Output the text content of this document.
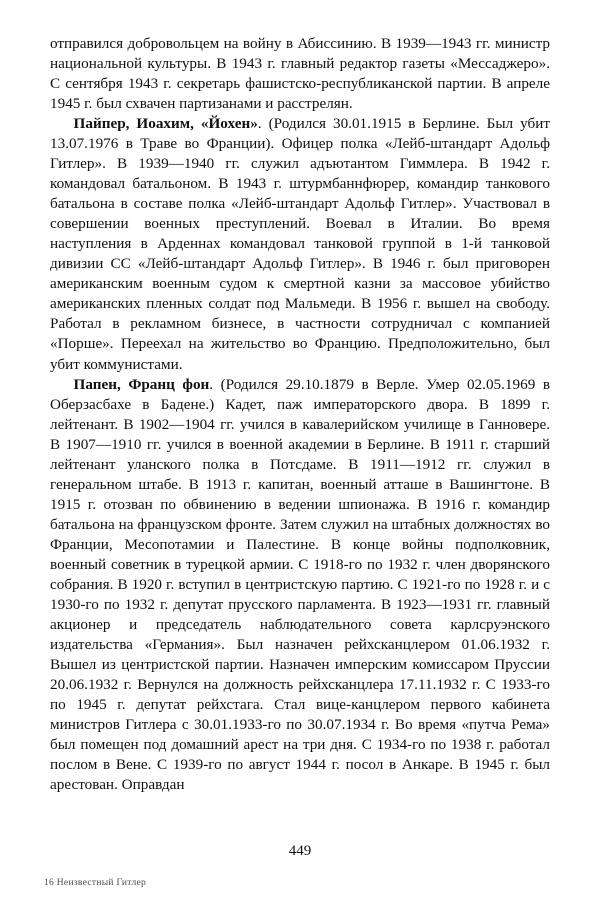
отправился добровольцем на войну в Абиссинию. В 1939—1943 гг. министр национальной культуры. В 1943 г. главный редактор газеты «Мессаджеро». С сентября 1943 г. секретарь фашистско-республиканской партии. В апреле 1945 г. был схвачен партизанами и расстрелян.

Пайпер, Иоахим, «Йохен». (Родился 30.01.1915 в Берлине. Был убит 13.07.1976 в Траве во Франции). Офицер полка «Лейб-штандарт Адольф Гитлер». В 1939—1940 гг. служил адъютантом Гиммлера. В 1942 г. командовал батальоном. В 1943 г. штурмбаннфюрер, командир танкового батальона в составе полка «Лейб-штандарт Адольф Гитлер». Участвовал в совершении военных преступлений. Воевал в Италии. Во время наступления в Арденнах командовал танковой группой в 1-й танковой дивизии СС «Лейб-штандарт Адольф Гитлер». В 1946 г. был приговорен американским военным судом к смертной казни за массовое убийство американских пленных солдат под Мальмеди. В 1956 г. вышел на свободу. Работал в рекламном бизнесе, в частности сотрудничал с компанией «Порше». Переехал на жительство во Францию. Предположительно, был убит коммунистами.

Папен, Франц фон. (Родился 29.10.1879 в Верле. Умер 02.05.1969 в Оберзасбахе в Бадене.) Кадет, паж императорского двора. В 1899 г. лейтенант. В 1902—1904 гг. учился в кавалерийском училище в Ганновере. В 1907—1910 гг. учился в военной академии в Берлине. В 1911 г. старший лейтенант уланского полка в Потсдаме. В 1911—1912 гг. служил в генеральном штабе. В 1913 г. капитан, военный атташе в Вашингтоне. В 1915 г. отозван по обвинению в ведении шпионажа. В 1916 г. командир батальона на французском фронте. Затем служил на штабных должностях во Франции, Месопотамии и Палестине. В конце войны подполковник, военный советник в турецкой армии. С 1918-го по 1932 г. член дворянского собрания. В 1920 г. вступил в центристскую партию. С 1921-го по 1928 г. и с 1930-го по 1932 г. депутат прусского парламента. В 1923—1931 гг. главный акционер и председатель наблюдательного совета карлсруэнского издательства «Германия». Был назначен рейхсканцлером 01.06.1932 г. Вышел из центристской партии. Назначен имперским комиссаром Пруссии 20.06.1932 г. Вернулся на должность рейхсканцлера 17.11.1932 г. С 1933-го по 1945 г. депутат рейхстага. Стал вице-канцлером первого кабинета министров Гитлера с 30.01.1933-го по 30.07.1934 г. Во время «путча Рема» был помещен под домашний арест на три дня. С 1934-го по 1938 г. работал послом в Вене. С 1939-го по август 1944 г. посол в Анкаре. В 1945 г. был арестован. Оправдан

449
16 Неизвестный Гитлер
